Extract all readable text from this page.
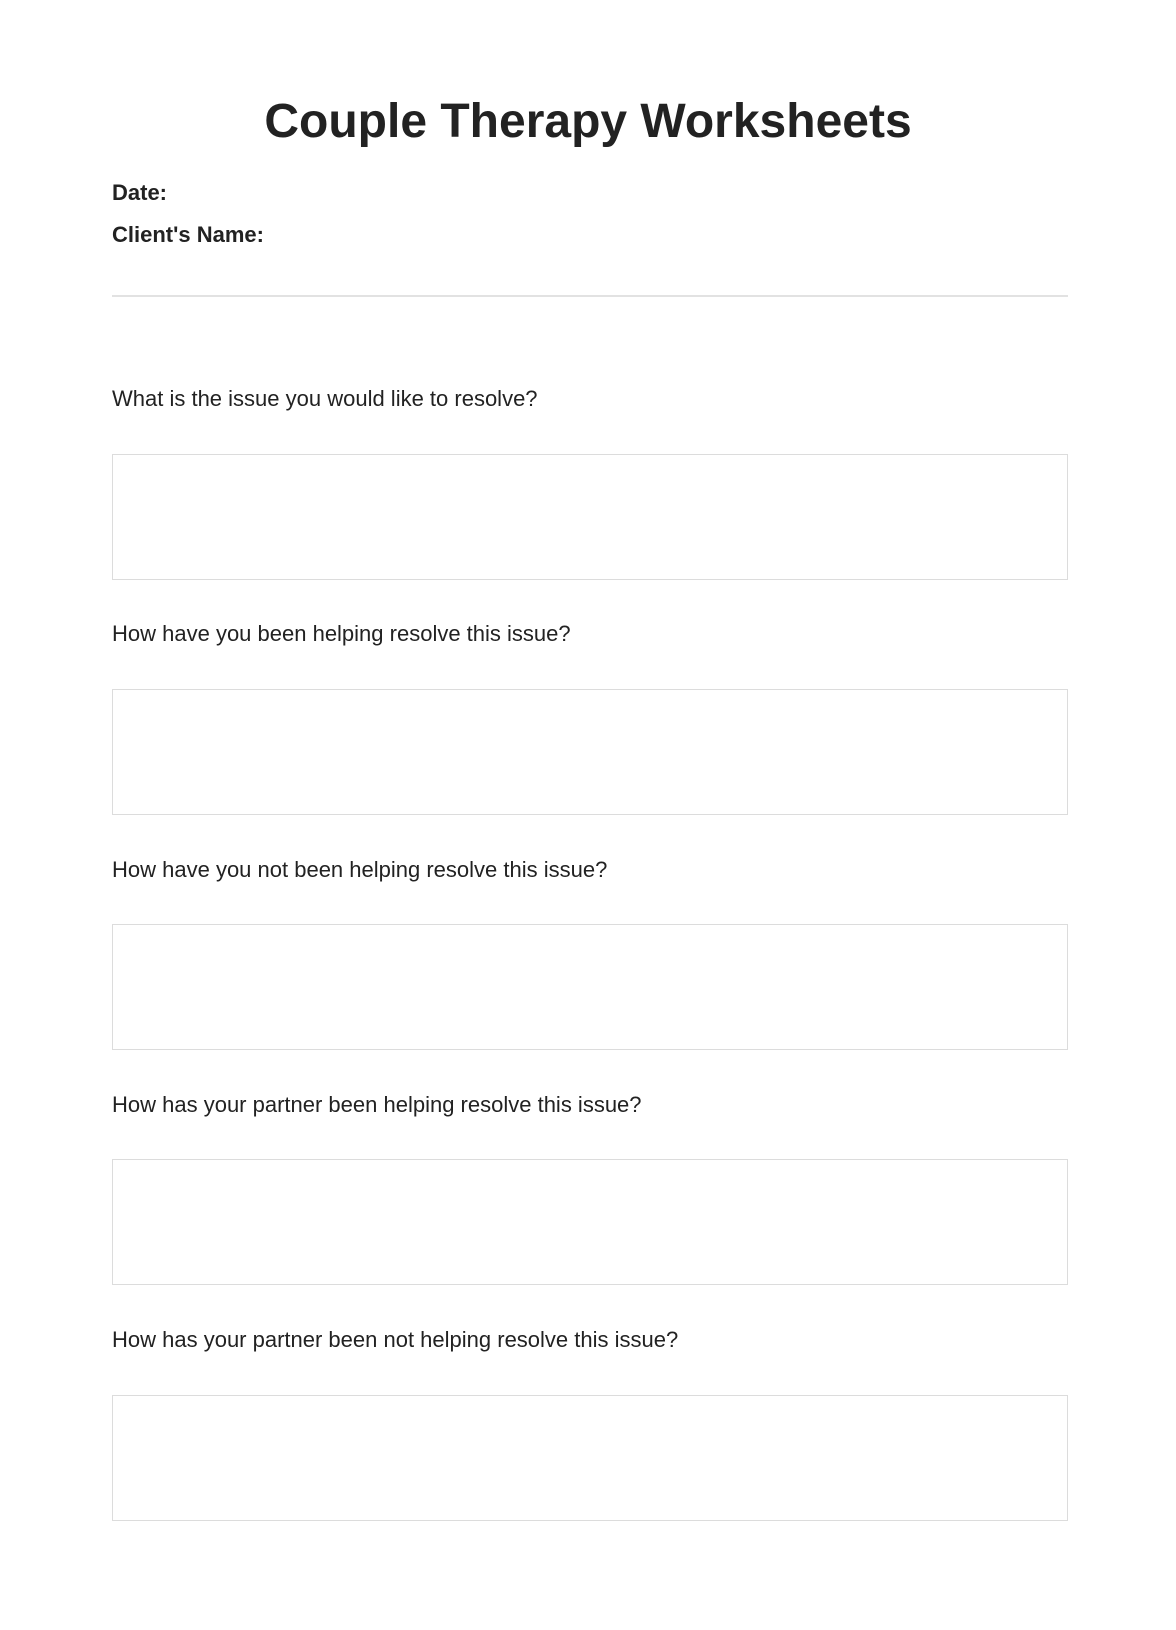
Couple Therapy Worksheets
Date:
Client's Name:
What is the issue you would like to resolve?
How have you been helping resolve this issue?
How have you not been helping resolve this issue?
How has your partner been helping resolve this issue?
How has your partner been not helping resolve this issue?
